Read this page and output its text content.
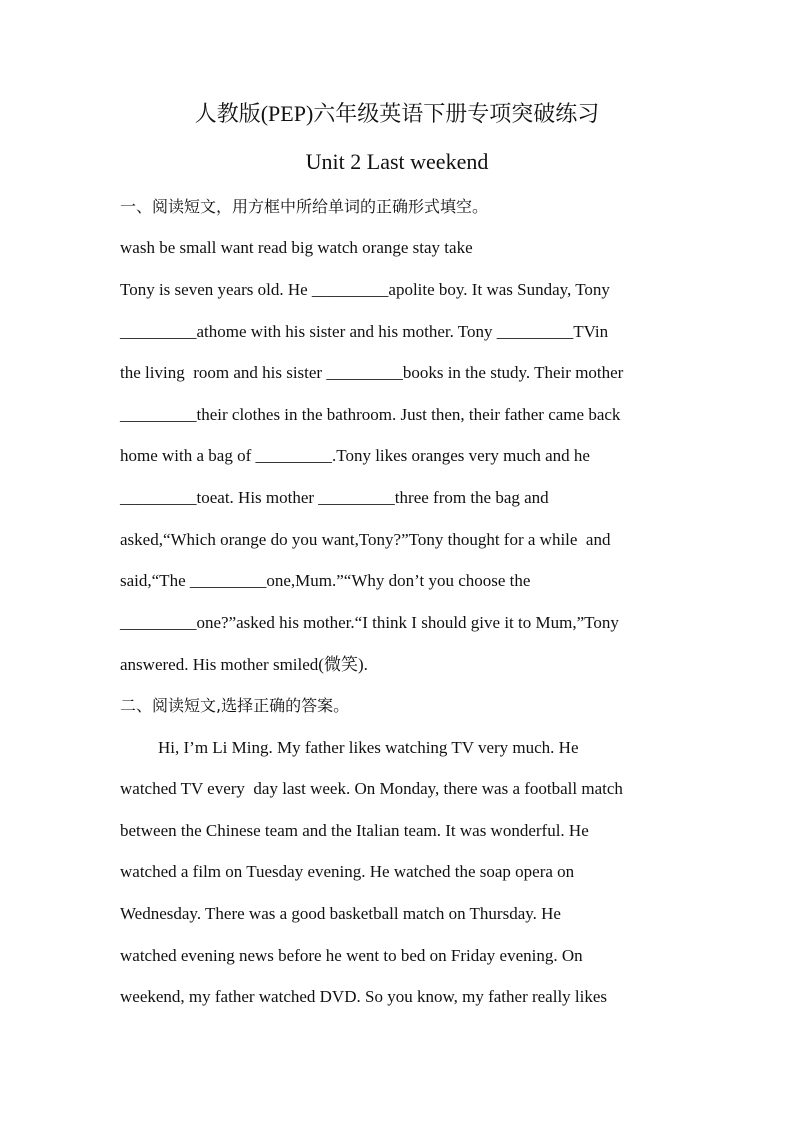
人教版(PEP)六年级英语下册专项突破练习
Unit 2 Last weekend
一、阅读短文，用方框中所给单词的正确形式填空。
wash be small want read big watch orange stay take
Tony is seven years old. He _________apolite boy. It was Sunday, Tony
_________athome with his sister and his mother. Tony _________TVin
the living  room and his sister _________books in the study. Their mother
_________their clothes in the bathroom. Just then, their father came back
home with a bag of _________.Tony likes oranges very much and he
_________toeat. His mother _________three from the bag and
asked,“Which orange do you want,Tony?”Tony thought for a while  and
said,“The _________one,Mum.”“Why don’t you choose the
_________one?”asked his mother.“I think I should give it to Mum,”Tony
answered. His mother smiled(微笑).
二、阅读短文,选择正确的答案。
Hi, I’m Li Ming. My father likes watching TV very much. He
watched TV every  day last week. On Monday, there was a football match
between the Chinese team and the Italian team. It was wonderful. He
watched a film on Tuesday evening. He watched the soap opera on
Wednesday. There was a good basketball match on Thursday. He
watched evening news before he went to bed on Friday evening. On
weekend, my father watched DVD. So you know, my father really likes
